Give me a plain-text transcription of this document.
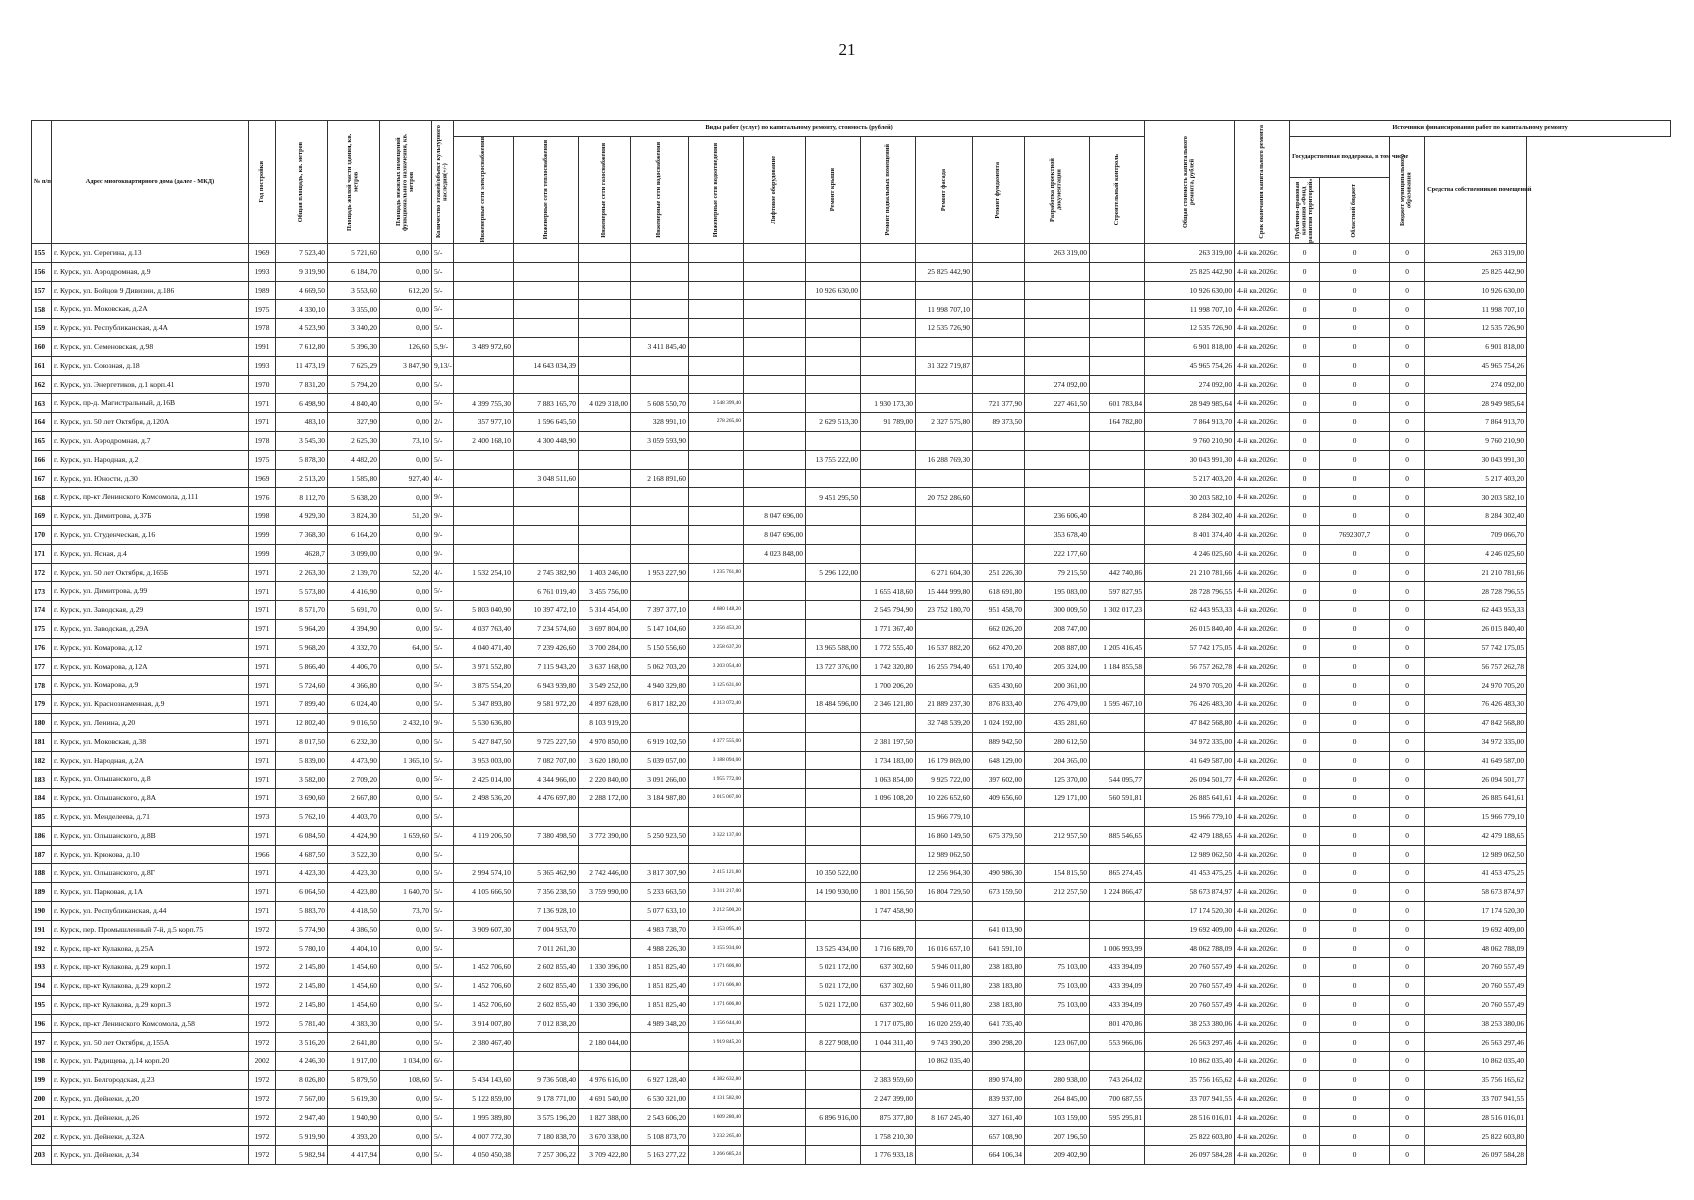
21
№ п/п	Адрес многоквартирного дома (далее - МКД)	Год постройки	Общая площадь, кв. метров	Площадь жилой части здания, кв. метров	Площадь нежилых помещений функционального назначения, кв. метров	Количество этажей/объект культурного наследия(+/-)	Виды работ (услуг) по капитальному ремонту, стоимость (рублей)												Общая стоимость капитального ремонта, рублей	Срок окончания капитального ремонта	Источники финансирования работ по капитальному ремонту			

							Инженерные сети электроснабжения	Инженерные сети теплоснабжения	Инженерные сети газоснабжения	Инженерные сети водоснабжения	Инженерные сети водоотведения	Лифтовое оборудование	Ремонт крыши	Ремонт подвальных помещений	Ремонт фасада	Ремонт фундамента	Разработка проектной документации	Строительный контроль			Государственная поддержка, в том числе		Бюджет муниципального образования	Средства собственников помещений

																					Публично-правовая компания «Фонд развития территорий»	Областной бюджет		

155	г. Курск, ул. Серегина, д.13	1969	7 523,40	5 721,60	0,00	5/-											263 319,00		263 319,00	4-й кв.2026г.	0	0	0	263 319,00
156	г. Курск, ул. Аэродромная, д.9	1993	9 319,90	6 184,70	0,00	5/-									25 825 442,90				25 825 442,90	4-й кв.2026г.	0	0	0	25 825 442,90
157	г. Курск, ул. Бойцов 9 Дивизии, д.186	1989	4 669,50	3 553,60	612,20	5/-							10 926 630,00						10 926 630,00	4-й кв.2026г.	0	0	0	10 926 630,00
158	г. Курск, ул. Моковская, д.2А	1975	4 330,10	3 355,00	0,00	5/-									11 998 707,10				11 998 707,10	4-й кв.2026г.	0	0	0	11 998 707,10
159	г. Курск, ул. Республиканская, д.4А	1978	4 523,90	3 340,20	0,00	5/-									12 535 726,90				12 535 726,90	4-й кв.2026г.	0	0	0	12 535 726,90
160	г. Курск, ул. Семеновская, д.98	1991	7 612,80	5 396,30	126,60	5,9/-	3 489 972,60			3 411 845,40									6 901 818,00	4-й кв.2026г.	0	0	0	6 901 818,00
161	г. Курск, ул. Союзная, д.18	1993	11 473,19	7 625,29	3 847,90	9,13/-		14 643 034,39							31 322 719,87				45 965 754,26	4-й кв.2026г.	0	0	0	45 965 754,26
162	г. Курск, ул. Энергетиков, д.1 корп.41	1970	7 831,20	5 794,20	0,00	5/-											274 092,00		274 092,00	4-й кв.2026г.	0	0	0	274 092,00
163	г. Курск, пр-д. Магистральный, д.16В	1971	6 498,90	4 840,40	0,00	5/-	4 399 755,30	7 883 165,70	4 029 318,00	5 608 550,70	3 548 399,40			1 930 173,30		721 377,90	227 461,50	601 783,84	28 949 985,64	4-й кв.2026г.	0	0	0	28 949 985,64
164	г. Курск, ул. 50 лет Октября, д.120А	1971	483,10	327,90	0,00	2/-	357 977,10	1 596 645,50		328 991,10	278 265,60		2 629 513,30	91 789,00	2 327 575,80	89 373,50		164 782,80	7 864 913,70	4-й кв.2026г.	0	0	0	7 864 913,70
165	г. Курск, ул. Аэродромная, д.7	1978	3 545,30	2 625,30	73,10	5/-	2 400 168,10	4 300 448,90		3 059 593,90									9 760 210,90	4-й кв.2026г.	0	0	0	9 760 210,90
166	г. Курск, ул. Народная, д.2	1975	5 878,30	4 482,20	0,00	5/-							13 755 222,00		16 288 769,30				30 043 991,30	4-й кв.2026г.	0	0	0	30 043 991,30
167	г. Курск, ул. Юности, д.30	1969	2 513,20	1 585,80	927,40	4/-		3 048 511,60		2 168 891,60									5 217 403,20	4-й кв.2026г.	0	0	0	5 217 403,20
168	г. Курск, пр-кт Ленинского Комсомола, д.111	1976	8 112,70	5 638,20	0,00	9/-							9 451 295,50		20 752 286,60				30 203 582,10	4-й кв.2026г.	0	0	0	30 203 582,10
169	г. Курск, ул. Димитрова, д.37Б	1998	4 929,30	3 824,30	51,20	9/-						8 047 696,00					236 606,40		8 284 302,40	4-й кв.2026г.	0	0	0	8 284 302,40
170	г. Курск, ул. Студенческая, д.16	1999	7 368,30	6 164,20	0,00	9/-						8 047 696,00					353 678,40		8 401 374,40	4-й кв.2026г.	0	7692307,7	0	709 066,70
171	г. Курск, ул. Ясная, д.4	1999	4628,7	3 099,00	0,00	9/-						4 023 848,00					222 177,60		4 246 025,60	4-й кв.2026г.	0	0	0	4 246 025,60
172	г. Курск, ул. 50 лет Октября, д.165Б	1971	2 263,30	2 139,70	52,20	4/-	1 532 254,10	2 745 382,90	1 403 246,00	1 953 227,90	1 235 761,80		5 296 122,00		6 271 604,30	251 226,30	79 215,50	442 740,86	21 210 781,66	4-й кв.2026г.	0	0	0	21 210 781,66
173	г. Курск, ул. Димитрова, д.99	1971	5 573,80	4 416,90	0,00	5/-		6 761 019,40	3 455 756,00					1 655 418,60	15 444 999,80	618 691,80	195 083,00	597 827,95	28 728 796,55	4-й кв.2026г.	0	0	0	28 728 796,55
174	г. Курск, ул. Заводская, д.29	1971	8 571,70	5 691,70	0,00	5/-	5 803 040,90	10 397 472,10	5 314 454,00	7 397 377,10	4 680 148,20			2 545 794,90	23 752 180,70	951 458,70	300 009,50	1 302 017,23	62 443 953,33	4-й кв.2026г.	0	0	0	62 443 953,33
175	г. Курск, ул. Заводская, д.29А	1971	5 964,20	4 394,90	0,00	5/-	4 037 763,40	7 234 574,60	3 697 804,00	5 147 104,60	3 256 453,20			1 771 367,40		662 026,20	208 747,00		26 015 840,40	4-й кв.2026г.	0	0	0	26 015 840,40
176	г. Курск, ул. Комарова, д.12	1971	5 968,20	4 332,70	64,00	5/-	4 040 471,40	7 239 426,60	3 700 284,00	5 150 556,60	3 258 637,20		13 965 588,00	1 772 555,40	16 537 882,20	662 470,20	208 887,00	1 205 416,45	57 742 175,05	4-й кв.2026г.	0	0	0	57 742 175,05
177	г. Курск, ул. Комарова, д.12А	1971	5 866,40	4 406,70	0,00	5/-	3 971 552,80	7 115 943,20	3 637 168,00	5 062 703,20	3 203 054,40		13 727 376,00	1 742 320,80	16 255 794,40	651 170,40	205 324,00	1 184 855,58	56 757 262,78	4-й кв.2026г.	0	0	0	56 757 262,78
178	г. Курск, ул. Комарова, д.9	1971	5 724,60	4 366,80	0,00	5/-	3 875 554,20	6 943 939,80	3 549 252,00	4 940 329,80	3 125 631,60			1 700 206,20		635 430,60	200 361,00		24 970 705,20	4-й кв.2026г.	0	0	0	24 970 705,20
179	г. Курск, ул. Краснознаменная, д.9	1971	7 899,40	6 024,40	0,00	5/-	5 347 893,80	9 581 972,20	4 897 628,00	6 817 182,20	4 313 072,40		18 484 596,00	2 346 121,80	21 889 237,30	876 833,40	276 479,00	1 595 467,10	76 426 483,30	4-й кв.2026г.	0	0	0	76 426 483,30
180	г. Курск, ул. Ленина, д.20	1971	12 802,40	9 016,50	2 432,10	9/-	5 530 636,80		8 103 919,20						32 748 539,20	1 024 192,00	435 281,60		47 842 568,80	4-й кв.2026г.	0	0	0	47 842 568,80
181	г. Курск, ул. Моковская, д.38	1971	8 017,50	6 232,30	0,00	5/-	5 427 847,50	9 725 227,50	4 970 850,00	6 919 102,50	4 377 555,00			2 381 197,50		889 942,50	280 612,50		34 972 335,00	4-й кв.2026г.	0	0	0	34 972 335,00
182	г. Курск, ул. Народная, д.2А	1971	5 839,00	4 473,90	1 365,10	5/-	3 953 003,00	7 082 707,00	3 620 180,00	5 039 057,00	3 188 094,00			1 734 183,00	16 179 869,00	648 129,00	204 365,00		41 649 587,00	4-й кв.2026г.	0	0	0	41 649 587,00
183	г. Курск, ул. Ольшанского, д.8	1971	3 582,00	2 709,20	0,00	5/-	2 425 014,00	4 344 966,00	2 220 840,00	3 091 266,00	1 955 772,00			1 063 854,00	9 925 722,00	397 602,00	125 370,00	544 095,77	26 094 501,77	4-й кв.2026г.	0	0	0	26 094 501,77
184	г. Курск, ул. Ольшанского, д.8А	1971	3 690,60	2 667,80	0,00	5/-	2 498 536,20	4 476 697,80	2 288 172,00	3 184 987,80	2 015 067,60			1 096 108,20	10 226 652,60	409 656,60	129 171,00	560 591,81	26 885 641,61	4-й кв.2026г.	0	0	0	26 885 641,61
185	г. Курск, ул. Менделеева, д.71	1973	5 762,10	4 403,70	0,00	5/-									15 966 779,10				15 966 779,10	4-й кв.2026г.	0	0	0	15 966 779,10
186	г. Курск, ул. Ольшанского, д.8В	1971	6 084,50	4 424,90	1 659,60	5/-	4 119 206,50	7 380 498,50	3 772 390,00	5 250 923,50	3 322 137,00				16 860 149,50	675 379,50	212 957,50	885 546,65	42 479 188,65	4-й кв.2026г.	0	0	0	42 479 188,65
187	г. Курск, ул. Крюкова, д.10	1966	4 687,50	3 522,30	0,00	5/-									12 989 062,50				12 989 062,50	4-й кв.2026г.	0	0	0	12 989 062,50
188	г. Курск, ул. Ольшанского, д.8Г	1971	4 423,30	4 423,30	0,00	5/-	2 994 574,10	5 365 462,90	2 742 446,00	3 817 307,90	2 415 121,80		10 350 522,00		12 256 964,30	490 986,30	154 815,50	865 274,45	41 453 475,25	4-й кв.2026г.	0	0	0	41 453 475,25
189	г. Курск, ул. Парковая, д.1А	1971	6 064,50	4 423,80	1 640,70	5/-	4 105 666,50	7 356 238,50	3 759 990,00	5 233 663,50	3 311 217,00		14 190 930,00	1 801 156,50	16 804 729,50	673 159,50	212 257,50	1 224 866,47	58 673 874,97	4-й кв.2026г.	0	0	0	58 673 874,97
190	г. Курск, ул. Республиканская, д.44	1971	5 883,70	4 418,50	73,70	5/-		7 136 928,10		5 077 633,10	3 212 500,20			1 747 458,90					17 174 520,30	4-й кв.2026г.	0	0	0	17 174 520,30
191	г. Курск, пер. Промышленный 7-й, д.5 корп.75	1972	5 774,90	4 386,50	0,00	5/-	3 909 607,30	7 004 953,70		4 983 738,70	3 153 095,40					641 013,90			19 692 409,00	4-й кв.2026г.	0	0	0	19 692 409,00
192	г. Курск, пр-кт Кулакова, д.25А	1972	5 780,10	4 404,10	0,00	5/-		7 011 261,30		4 988 226,30	3 155 934,60		13 525 434,00	1 716 689,70	16 016 657,10	641 591,10		1 006 993,99	48 062 788,09	4-й кв.2026г.	0	0	0	48 062 788,09
193	г. Курск, пр-кт Кулакова, д.29 корп.1	1972	2 145,80	1 454,60	0,00	5/-	1 452 706,60	2 602 855,40	1 330 396,00	1 851 825,40	1 171 606,80		5 021 172,00	637 302,60	5 946 011,80	238 183,80	75 103,00	433 394,09	20 760 557,49	4-й кв.2026г.	0	0	0	20 760 557,49
194	г. Курск, пр-кт Кулакова, д.29 корп.2	1972	2 145,80	1 454,60	0,00	5/-	1 452 706,60	2 602 855,40	1 330 396,00	1 851 825,40	1 171 606,80		5 021 172,00	637 302,60	5 946 011,80	238 183,80	75 103,00	433 394,09	20 760 557,49	4-й кв.2026г.	0	0	0	20 760 557,49
195	г. Курск, пр-кт Кулакова, д.29 корп.3	1972	2 145,80	1 454,60	0,00	5/-	1 452 706,60	2 602 855,40	1 330 396,00	1 851 825,40	1 171 606,80		5 021 172,00	637 302,60	5 946 011,80	238 183,80	75 103,00	433 394,09	20 760 557,49	4-й кв.2026г.	0	0	0	20 760 557,49
196	г. Курск, пр-кт Ленинского Комсомола, д.58	1972	5 781,40	4 383,30	0,00	5/-	3 914 007,80	7 012 838,20		4 989 348,20	3 156 644,40			1 717 075,80	16 020 259,40	641 735,40		801 470,86	38 253 380,06	4-й кв.2026г.	0	0	0	38 253 380,06
197	г. Курск, ул. 50 лет Октября, д.155А	1972	3 516,20	2 641,80	0,00	5/-	2 380 467,40		2 180 044,00		1 919 845,20		8 227 908,00	1 044 311,40	9 743 390,20	390 298,20	123 067,00	553 966,06	26 563 297,46	4-й кв.2026г.	0	0	0	26 563 297,46
198	г. Курск, ул. Радищева, д.14 корп.20	2002	4 246,30	1 917,00	1 034,00	6/-									10 862 035,40				10 862 035,40	4-й кв.2026г.	0	0	0	10 862 035,40
199	г. Курск, ул. Белгородская, д.23	1972	8 026,80	5 879,50	108,60	5/-	5 434 143,60	9 736 508,40	4 976 616,00	6 927 128,40	4 382 632,80			2 383 959,60		890 974,80	280 938,00	743 264,02	35 756 165,62	4-й кв.2026г.	0	0	0	35 756 165,62
200	г. Курск, ул. Дейнеки, д.20	1972	7 567,00	5 619,30	0,00	5/-	5 122 859,00	9 178 771,00	4 691 540,00	6 530 321,00	4 131 582,00			2 247 399,00		839 937,00	264 845,00	700 687,55	33 707 941,55	4-й кв.2026г.	0	0	0	33 707 941,55
201	г. Курск, ул. Дейнеки, д.26	1972	2 947,40	1 940,90	0,00	5/-	1 995 389,80	3 575 196,20	1 827 388,00	2 543 606,20	1 609 280,40		6 896 916,00	875 377,80	8 167 245,40	327 161,40	103 159,00	595 295,81	28 516 016,01	4-й кв.2026г.	0	0	0	28 516 016,01
202	г. Курск, ул. Дейнеки, д.32А	1972	5 919,90	4 393,20	0,00	5/-	4 007 772,30	7 180 838,70	3 670 338,00	5 108 873,70	3 232 265,40			1 758 210,30		657 108,90	207 196,50		25 822 603,80	4-й кв.2026г.	0	0	0	25 822 603,80
203	г. Курск, ул. Дейнеки, д.34	1972	5 982,94	4 417,94	0,00	5/-	4 050 450,38	7 257 306,22	3 709 422,80	5 163 277,22	3 266 685,24			1 776 933,18		664 106,34	209 402,90		26 097 584,28	4-й кв.2026г.	0	0	0	26 097 584,28
